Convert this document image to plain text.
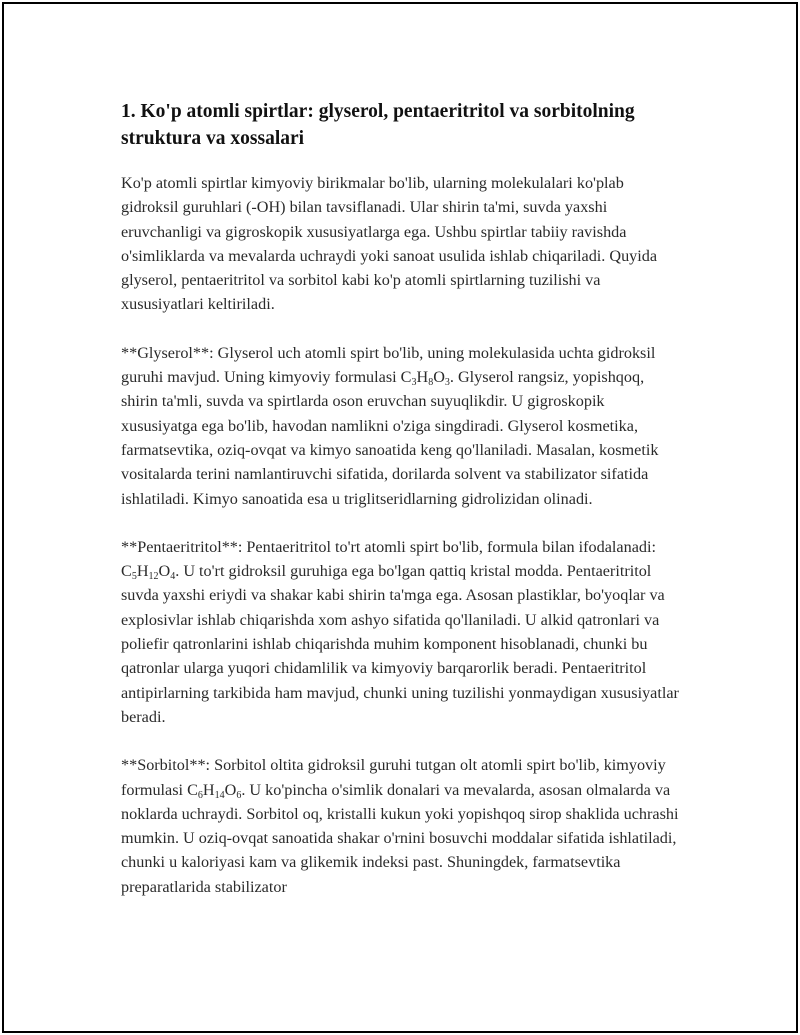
1. Ko'p atomli spirtlar: glyserol, pentaeritritol va sorbitolning struktura va xossalari

Ko'p atomli spirtlar kimyoviy birikmalar bo'lib, ularning molekulalari ko'plab gidroksil guruhlari (-OH) bilan tavsiflanadi. Ular shirin ta'mi, suvda yaxshi eruvchanligi va gigroskopik xususiyatlarga ega. Ushbu spirtlar tabiiy ravishda o'simliklarda va mevalarda uchraydi yoki sanoat usulida ishlab chiqariladi. Quyida glyserol, pentaeritritol va sorbitol kabi ko'p atomli spirtlarning tuzilishi va xususiyatlari keltiriladi.

**Glyserol**: Glyserol uch atomli spirt bo'lib, uning molekulasida uchta gidroksil guruhi mavjud. Uning kimyoviy formulasi $C_3H_8O_3$. Glyserol rangsiz, yopishqoq, shirin ta'mli, suvda va spirtlarda oson eruvchan suyuqlikdir. U gigroskopik xususiyatga ega bo'lib, havodan namlikni o'ziga singdiradi. Glyserol kosmetika, farmatsevtika, oziq-ovqat va kimyo sanoatida keng qo'llaniladi. Masalan, kosmetik vositalarda terini namlantiruvchi sifatida, dorilarda solvent va stabilizator sifatida ishlatiladi. Kimyo sanoatida esa u triglitseridlarning gidrolizidan olinadi.

**Pentaeritritol**: Pentaeritritol to'rt atomli spirt bo'lib, formula bilan ifodalanadi: $C_5H_{12}O_4$. U to'rt gidroksil guruhiga ega bo'lgan qattiq kristal modda. Pentaeritritol suvda yaxshi eriydi va shakar kabi shirin ta'mga ega. Asosan plastiklar, bo'yoqlar va explosivlar ishlab chiqarishda xom ashyo sifatida qo'llaniladi. U alkid qatronlari va poliefir qatronlarini ishlab chiqarishda muhim komponent hisoblanadi, chunki bu qatronlar ularga yuqori chidamlilik va kimyoviy barqarorlik beradi. Pentaeritritol antipirlarning tarkibida ham mavjud, chunki uning tuzilishi yonmaydigan xususiyatlar beradi.

**Sorbitol**: Sorbitol oltita gidroksil guruhi tutgan olt atomli spirt bo'lib, kimyoviy formulasi $C_6H_{14}O_6$. U ko'pincha o'simlik donalari va mevalarda, asosan olmalarda va noklarda uchraydi. Sorbitol oq, kristalli kukun yoki yopishqoq sirop shaklida uchrashi mumkin. U oziq-ovqat sanoatida shakar o'rnini bosuvchi moddalar sifatida ishlatiladi, chunki u kaloriyasi kam va glikemik indeksi past. Shuningdek, farmatsevtika preparatlarida stabilizator
